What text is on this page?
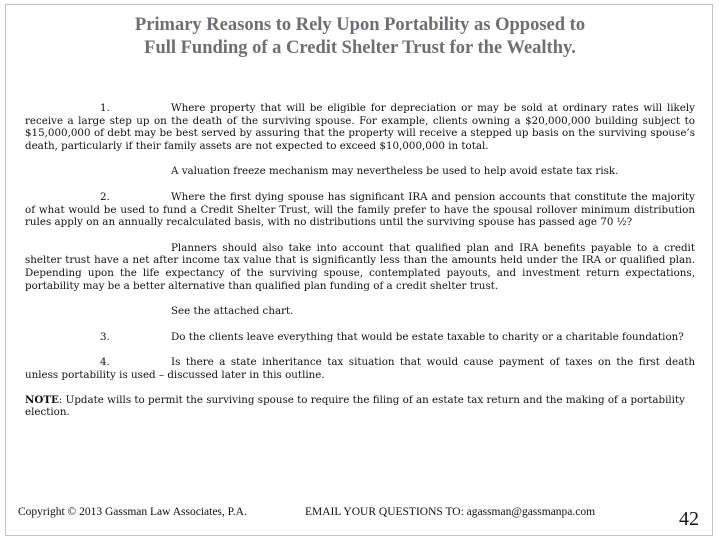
Primary Reasons to Rely Upon Portability as Opposed to
Full Funding of a Credit Shelter Trust for the Wealthy.

1.	Where property that will be eligible for depreciation or may be sold at ordinary rates will likely receive a large step up on the death of the surviving spouse. For example, clients owning a $20,000,000 building subject to $15,000,000 of debt may be best served by assuring that the property will receive a stepped up basis on the surviving spouse’s death, particularly if their family assets are not expected to exceed $10,000,000 in total.

A valuation freeze mechanism may nevertheless be used to help avoid estate tax risk.

2.	Where the first dying spouse has significant IRA and pension accounts that constitute the majority of what would be used to fund a Credit Shelter Trust, will the family prefer to have the spousal rollover minimum distribution rules apply on an annually recalculated basis, with no distributions until the surviving spouse has passed age 70 ½?

Planners should also take into account that qualified plan and IRA benefits payable to a credit shelter trust have a net after income tax value that is significantly less than the amounts held under the IRA or qualified plan. Depending upon the life expectancy of the surviving spouse, contemplated payouts, and investment return expectations, portability may be a better alternative than qualified plan funding of a credit shelter trust.

See the attached chart.

3.	Do the clients leave everything that would be estate taxable to charity or a charitable foundation?

4.	Is there a state inheritance tax situation that would cause payment of taxes on the first death unless portability is used – discussed later in this outline.

NOTE: Update wills to permit the surviving spouse to require the filing of an estate tax return and the making of a portability election.

Copyright © 2013 Gassman Law Associates, P.A.	EMAIL YOUR QUESTIONS TO: agassman@gassmanpa.com	42
